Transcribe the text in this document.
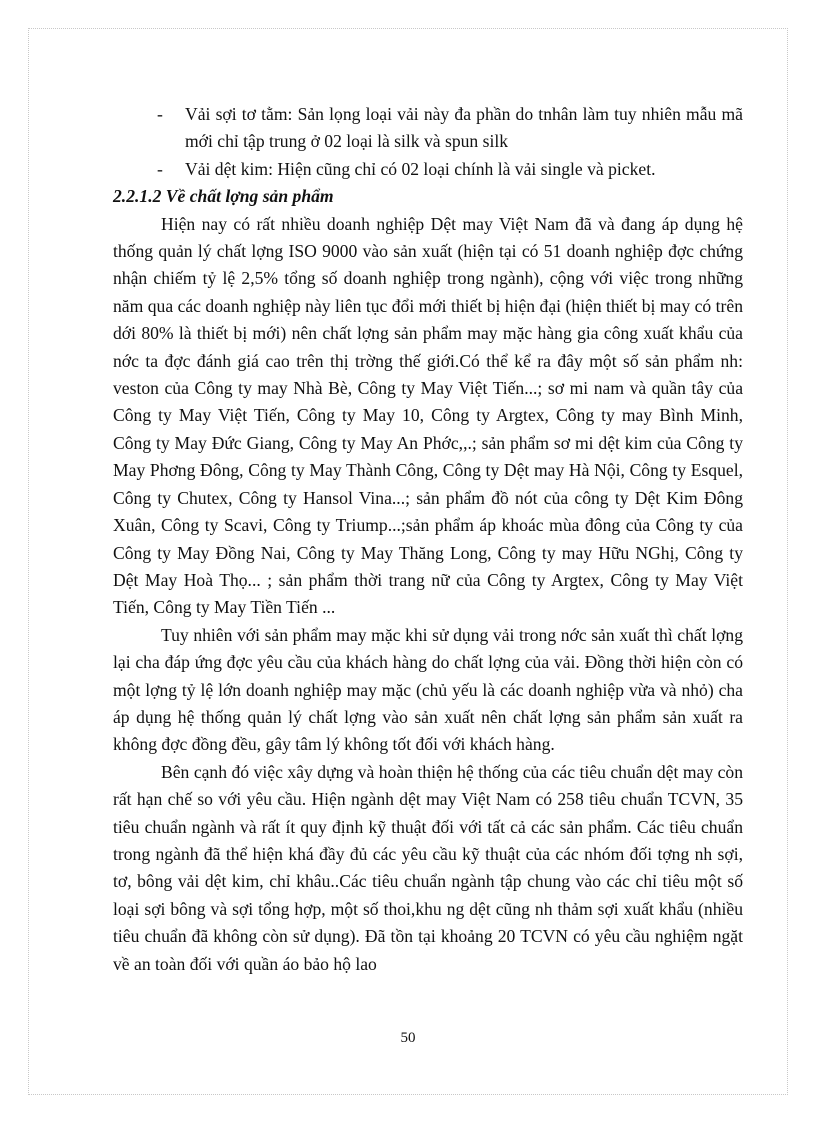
- Vải sợi tơ tằm: Sản lọng loại vải này đa phần do tnhân làm tuy nhiên mẫu mã mới chỉ tập trung ở 02 loại là silk và spun silk

- Vải dệt kim: Hiện cũng chỉ có 02 loại chính là vải single và picket.

2.2.1.2 Về chất lợng sản phẩm

Hiện nay có rất nhiều doanh nghiệp Dệt may Việt Nam đã và đang áp dụng hệ thống quản lý chất lợng ISO 9000 vào sản xuất (hiện tại có 51 doanh nghiệp đợc chứng nhận chiếm tỷ lệ 2,5% tổng số doanh nghiệp trong ngành), cộng với việc trong những năm qua các doanh nghiệp này liên tục đổi mới thiết bị hiện đại (hiện thiết bị may có trên dới 80% là thiết bị mới) nên chất lợng sản phẩm may mặc hàng gia công xuất khẩu của nớc ta đợc đánh giá cao trên thị trờng thế giới.Có thể kể ra đây một số sản phẩm nh: veston của Công ty may Nhà Bè, Công ty May Việt Tiến...; sơ mi nam và quần tây của Công ty May Việt Tiến, Công ty May 10, Công ty Argtex, Công ty may Bình Minh, Công ty May Đức Giang, Công ty May An Phớc,,.; sản phẩm sơ mi dệt kim của Công ty May Phơng Đông, Công ty May Thành Công, Công ty Dệt may Hà Nội, Công ty Esquel, Công ty Chutex, Công ty Hansol Vina...; sản phẩm đồ nót của công ty Dệt Kim Đông Xuân, Công ty Scavi, Công ty Triump...;sản phẩm áp khoác mùa đông của Công ty của Công ty May Đồng Nai, Công ty May Thăng Long, Công ty may Hữu NGhị, Công ty Dệt May Hoà Thọ... ; sản phẩm thời trang nữ của Công ty Argtex, Công ty May Việt Tiến, Công ty May Tiền Tiến ...

Tuy nhiên với sản phẩm may mặc khi sử dụng vải trong nớc sản xuất thì chất lợng lại cha đáp ứng đợc yêu cầu của khách hàng do chất lợng của vải. Đồng thời hiện còn có một lợng tỷ lệ lớn doanh nghiệp may mặc (chủ yếu là các doanh nghiệp vừa và nhỏ) cha áp dụng hệ thống quản lý chất lợng vào sản xuất nên chất lợng sản phẩm sản xuất ra không đợc đồng đều, gây tâm lý không tốt đối với khách hàng.

Bên cạnh đó việc xây dựng và hoàn thiện hệ thống của các tiêu chuẩn dệt may còn rất hạn chế so với yêu cầu. Hiện ngành dệt may Việt Nam có 258 tiêu chuẩn TCVN, 35 tiêu chuẩn ngành và rất ít quy định kỹ thuật đối với tất cả các sản phẩm. Các tiêu chuẩn trong ngành đã thể hiện khá đầy đủ các yêu cầu kỹ thuật của các nhóm đối tợng nh sợi, tơ, bông vải dệt kim, chỉ khâu..Các tiêu chuẩn ngành tập chung vào các chỉ tiêu một số loại sợi bông và sợi tổng hợp, một số thoi,khu ng dệt cũng nh thảm sợi xuất khẩu (nhiều tiêu chuẩn đã không còn sử dụng). Đã tồn tại khoảng 20 TCVN có yêu cầu nghiệm ngặt về an toàn đối với quần áo bảo hộ lao

50
